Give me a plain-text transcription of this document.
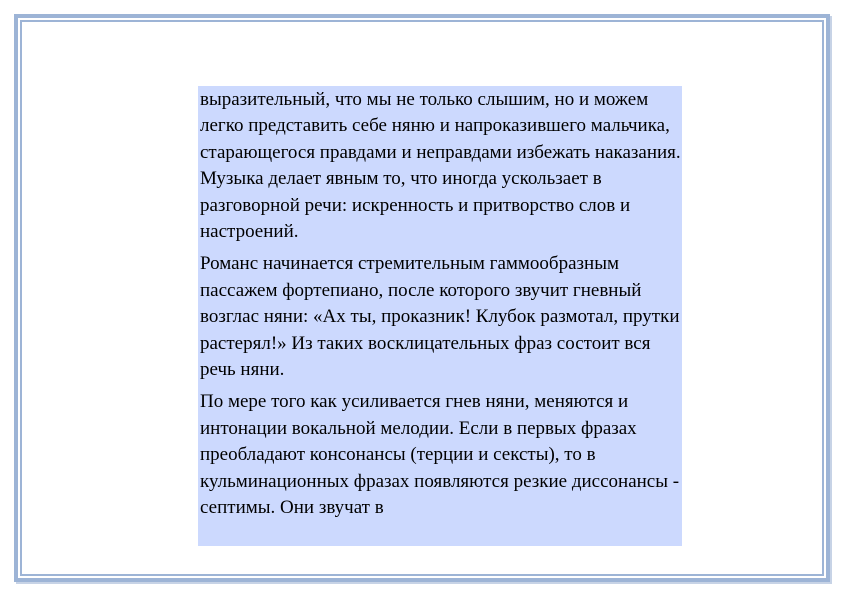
выразительный, что мы не только слышим, но и можем легко представить себе няню и напроказившего мальчика, старающегося правдами и неправдами избежать наказания. Музыка делает явным то, что иногда ускользает в разговорной речи: искренность и притворство слов и настроений.

Романс начинается стремительным гаммообразным пассажем фортепиано, после которого звучит гневный возглас няни: «Ах ты, проказник! Клубок размотал, прутки растерял!» Из таких восклицательных фраз состоит вся речь няни.

По мере того как усиливается гнев няни, меняются и интонации вокальной мелодии. Если в первых фразах преобладают консонансы (терции и сексты), то в кульминационных фразах появляются резкие диссонансы - септимы. Они звучат в
